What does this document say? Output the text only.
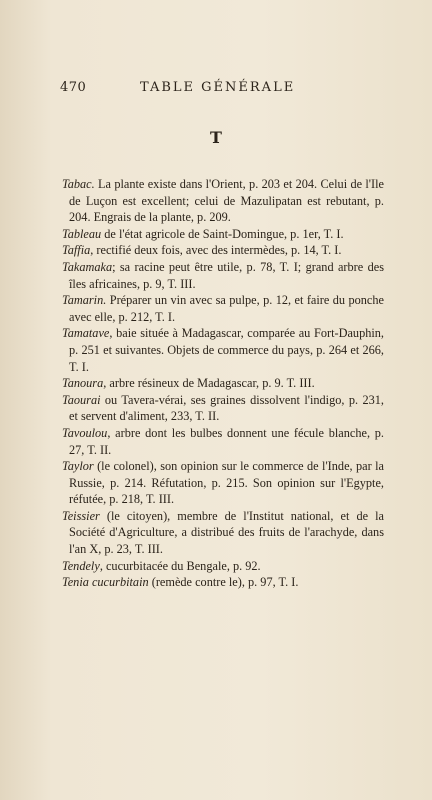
470	TABLE GÉNÉRALE
T

Tabac. La plante existe dans l'Orient, p. 203 et 204. Celui de l'Ile de Luçon est excellent; celui de Mazulipatan est rebutant, p. 204. Engrais de la plante, p. 209.

Tableau de l'état agricole de Saint-Domingue, p. 1er, T. I.

Taffia, rectifié deux fois, avec des intermèdes, p. 14, T. I.

Takamaka; sa racine peut être utile, p. 78, T. I; grand arbre des îles africaines, p. 9, T. III.

Tamarin. Préparer un vin avec sa pulpe, p. 12, et faire du ponche avec elle, p. 212, T. I.

Tamatave, baie située à Madagascar, comparée au Fort-Dauphin, p. 251 et suivantes. Objets de commerce du pays, p. 264 et 266, T. I.

Tanoura, arbre résineux de Madagascar, p. 9. T. III.

Taourai ou Tavera-vérai, ses graines dissolvent l'indigo, p. 231, et servent d'aliment, 233, T. II.

Tavoulou, arbre dont les bulbes donnent une fécule blanche, p. 27, T. II.

Taylor (le colonel), son opinion sur le commerce de l'Inde, par la Russie, p. 214. Réfutation, p. 215. Son opinion sur l'Egypte, réfutée, p. 218, T. III.

Teissier (le citoyen), membre de l'Institut national, et de la Société d'Agriculture, a distribué des fruits de l'arachyde, dans l'an X, p. 23, T. III.

Tendely, cucurbitacée du Bengale, p. 92.

Tenia cucurbitain (remède contre le), p. 97, T. I.
